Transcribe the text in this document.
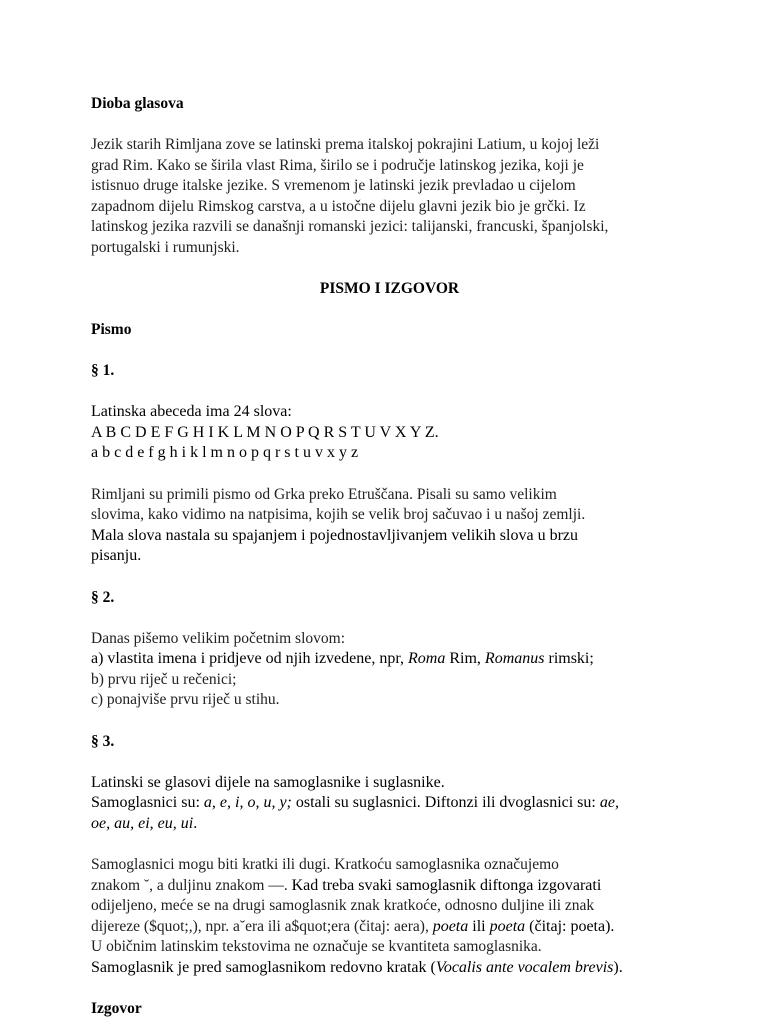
Dioba glasova

Jezik starih Rimljana zove se latinski prema italskoj pokrajini Latium, u kojoj leži
grad Rim. Kako se širila vlast Rima, širilo se i područje latinskog jezika, koji je
istisnuo druge italske jezike. S vremenom je latinski jezik prevladao u cijelom
zapadnom dijelu Rimskog carstva, a u istočne dijelu glavni jezik bio je grčki. Iz
latinskog jezika razvili se današnji romanski jezici: talijanski, francuski, španjolski,
portugalski i rumunjski.

PISMO I IZGOVOR

Pismo

§ 1.

Latinska abeceda ima 24 slova:
A B C D E F G H I K L M N O P Q R S T U V X Y Z.
a b c d e f g h i k l m n o p q r s t u v x y z

Rimljani su primili pismo od Grka preko Etruščana. Pisali su samo velikim
slovima, kako vidimo na natpisima, kojih se velik broj sačuvao i u našoj zemlji.
Mala slova nastala su spajanjem i pojednostavljivanjem velikih slova u brzu
pisanju.

§ 2.

Danas pišemo velikim početnim slovom:
a) vlastita imena i pridjeve od njih izvedene, npr, Roma Rim, Romanus rimski;
b) prvu riječ u rečenici;
c) ponajviše prvu riječ u stihu.

§ 3.

Latinski se glasovi dijele na samoglasnike i suglasnike.
Samoglasnici su: a, e, i, o, u, y; ostali su suglasnici. Diftonzi ili dvoglasnici su: ae,
oe, au, ei, eu, ui.

Samoglasnici mogu biti kratki ili dugi. Kratkoću samoglasnika označujemo
znakom ˘, a duljinu znakom —. Kad treba svaki samoglasnik diftonga izgovarati
odijeljeno, meće se na drugi samoglasnik znak kratkoće, odnosno duljine ili znak
dijereze ($quot;,), npr. a˘era ili a$quot;era (čitaj: aera), poeta ili poeta (čitaj: poeta).
U običnim latinskim tekstovima ne označuje se kvantiteta samoglasnika.
Samoglasnik je pred samoglasnikom redovno kratak (Vocalis ante vocalem brevis).

Izgovor
